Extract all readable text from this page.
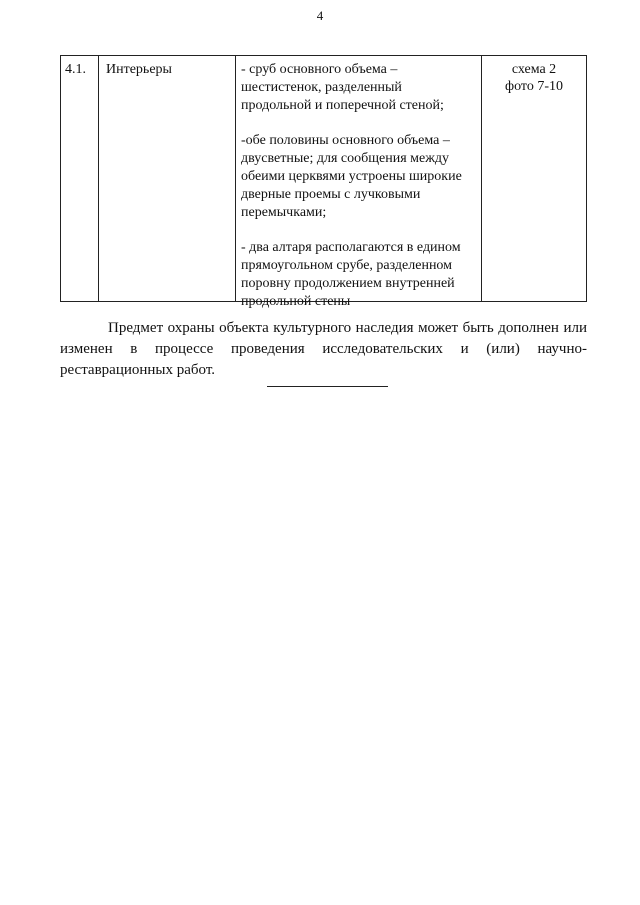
4
4.1.	Интерьеры	- сруб основного объема –
шестистенок, разделенный
продольной и поперечной стеной;
-обе половины основного объема –
двусветные; для сообщения между
обеими церквями устроены широкие
дверные проемы с лучковыми
перемычками;
- два алтаря располагаются в едином
прямоугольном срубе, разделенном
поровну продолжением внутренней
продольной стены
схема 2
фото 7-10
Предмет охраны объекта культурного наследия может быть дополнен или
изменен в процессе проведения исследовательских и (или) научно-
реставрационных работ.
